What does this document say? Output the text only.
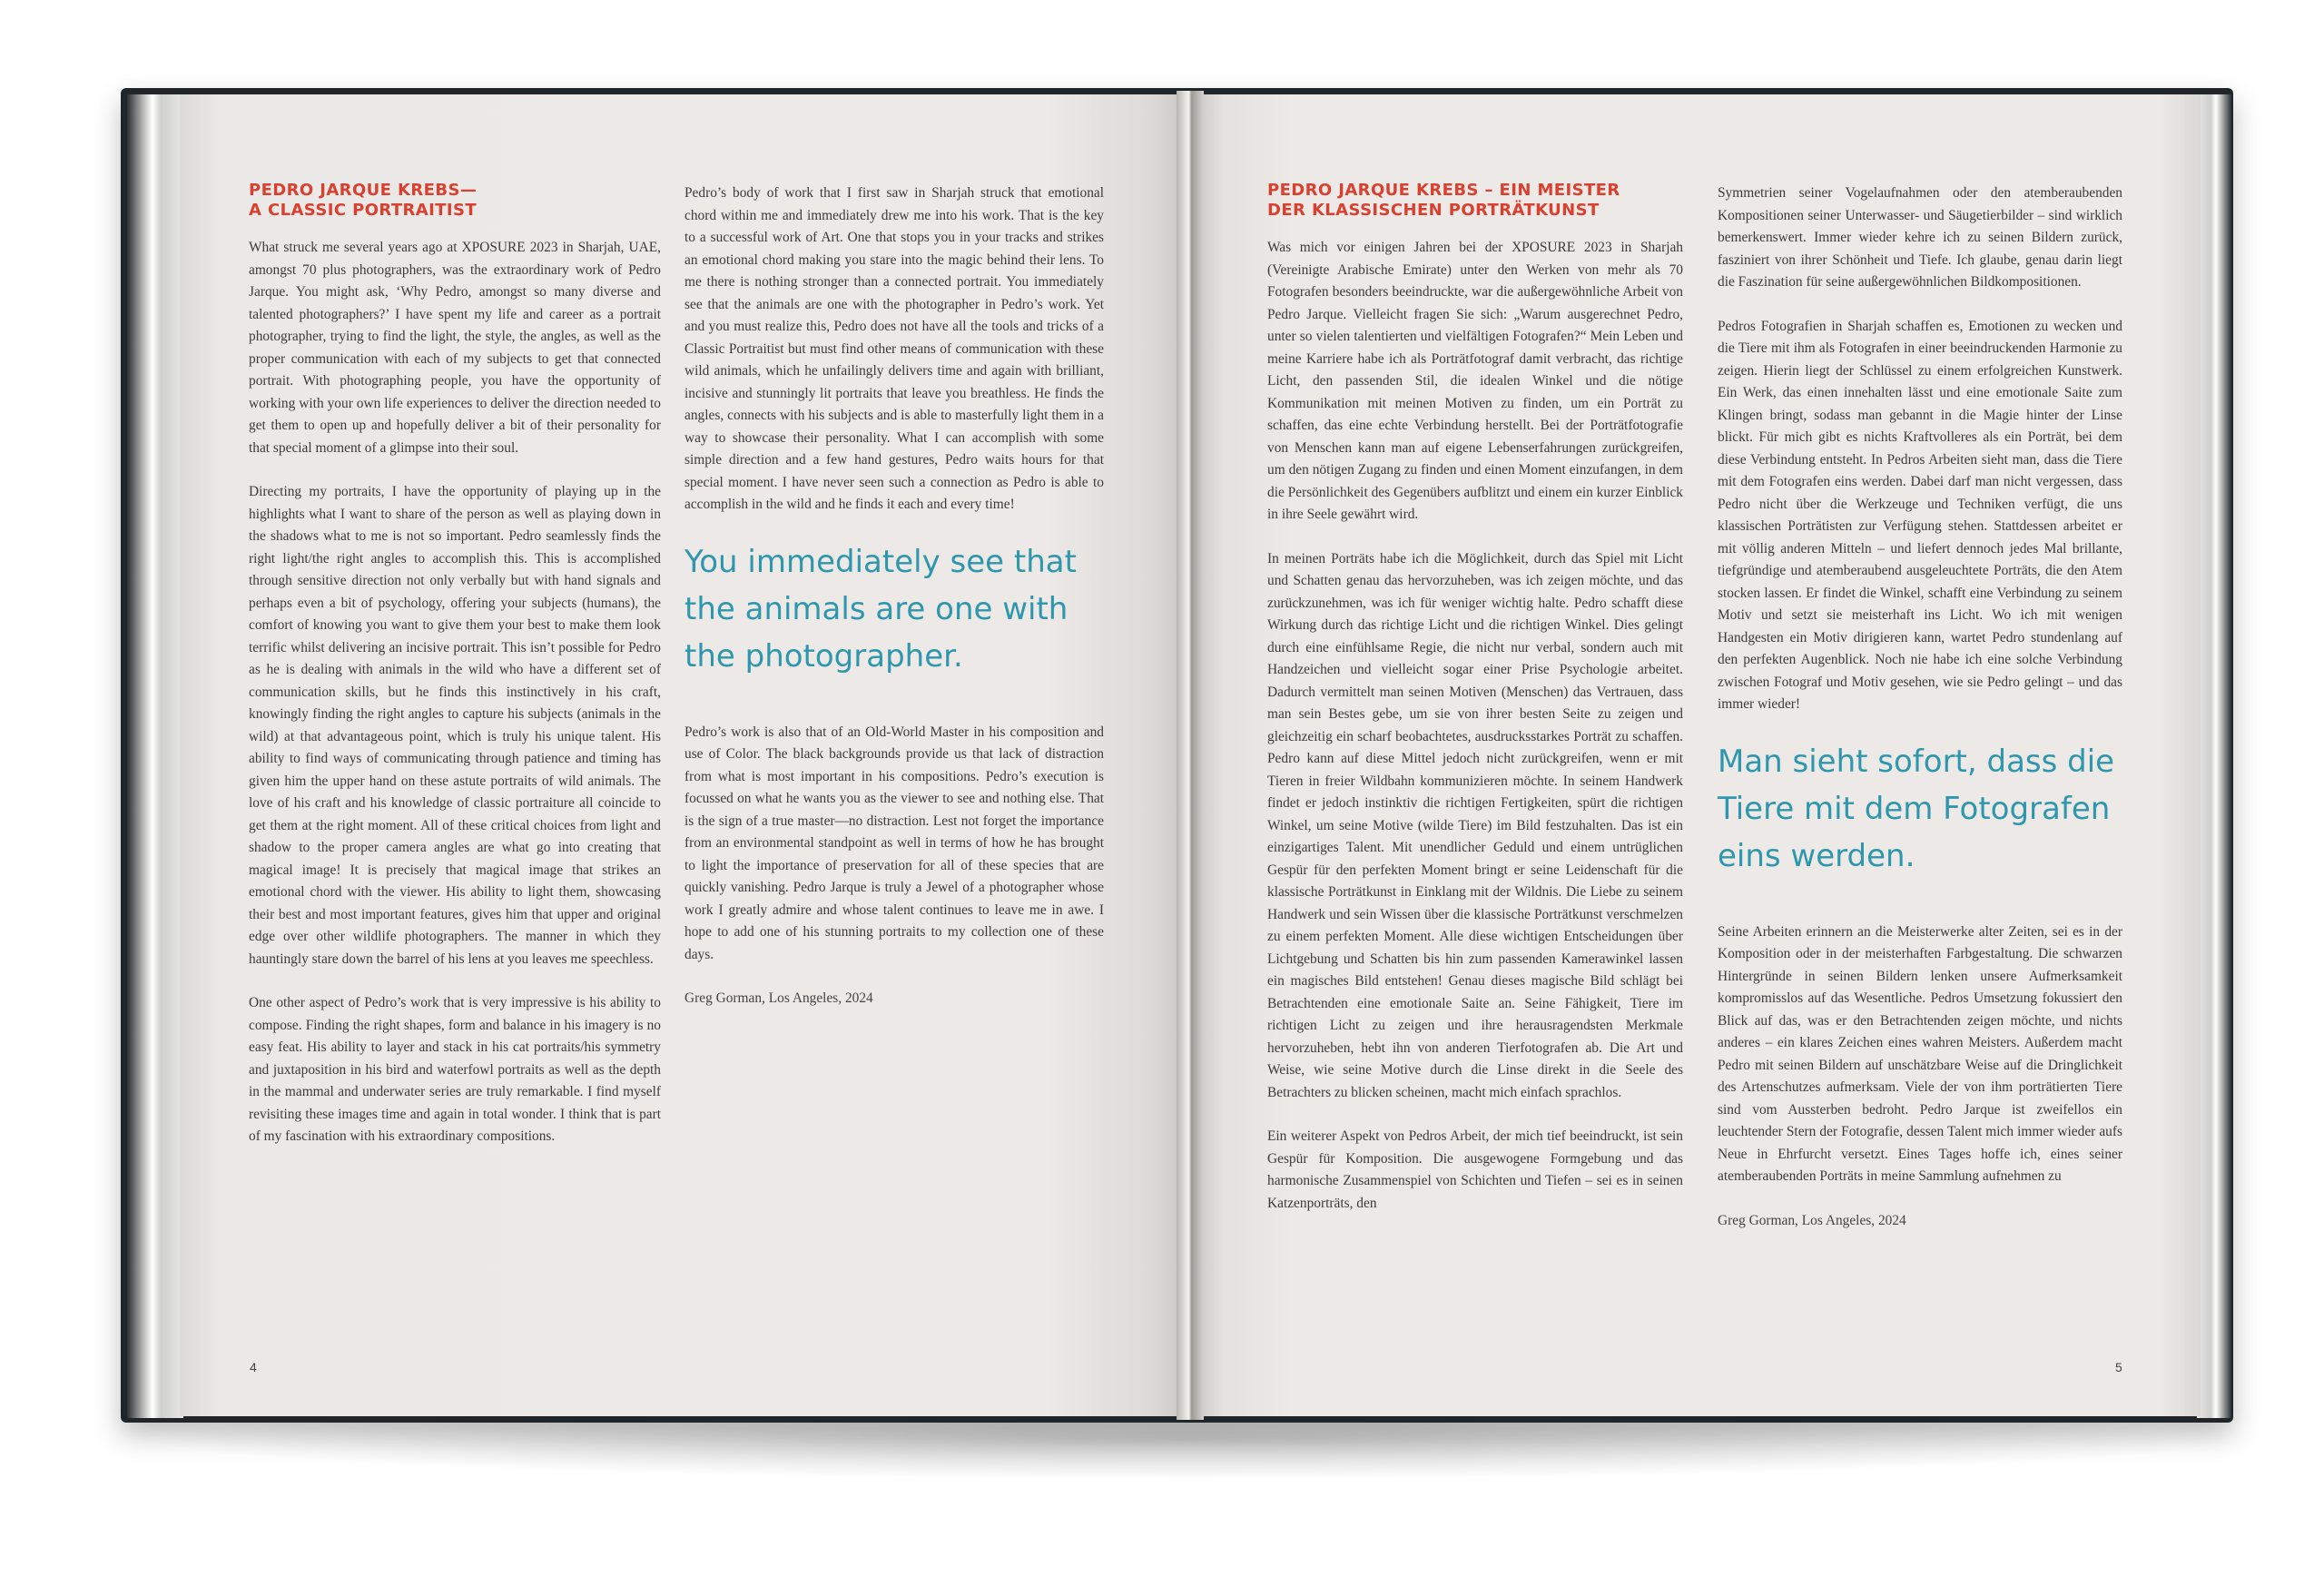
PEDRO JARQUE KREBS—
A CLASSIC PORTRAITIST

What struck me several years ago at XPOSURE 2023 in Sharjah, UAE, amongst 70 plus photographers, was the extraordinary work of Pedro Jarque. You might ask, ‘Why Pedro, amongst so many diverse and talented photographers?’ I have spent my life and career as a portrait photographer, trying to find the light, the style, the angles, as well as the proper communication with each of my subjects to get that connected portrait. With photographing people, you have the opportunity of working with your own life experiences to deliver the direction needed to get them to open up and hopefully deliver a bit of their personality for that special moment of a glimpse into their soul.

Directing my portraits, I have the opportunity of playing up in the highlights what I want to share of the person as well as playing down in the shadows what to me is not so important. Pedro seamlessly finds the right light/the right angles to accomplish this. This is accomplished through sensitive direction not only verbally but with hand signals and perhaps even a bit of psychology, offering your subjects (humans), the comfort of knowing you want to give them your best to make them look terrific whilst delivering an incisive portrait. This isn’t possible for Pedro as he is dealing with animals in the wild who have a different set of communication skills, but he finds this instinctively in his craft, knowingly finding the right angles to capture his subjects (animals in the wild) at that advantageous point, which is truly his unique talent. His ability to find ways of communicating through patience and timing has given him the upper hand on these astute portraits of wild animals. The love of his craft and his knowledge of classic portraiture all coincide to get them at the right moment. All of these critical choices from light and shadow to the proper camera angles are what go into creating that magical image! It is precisely that magical image that strikes an emotional chord with the viewer. His ability to light them, showcasing their best and most important features, gives him that upper and original edge over other wildlife photographers. The manner in which they hauntingly stare down the barrel of his lens at you leaves me speechless.

One other aspect of Pedro’s work that is very impressive is his ability to compose. Finding the right shapes, form and balance in his imagery is no easy feat. His ability to layer and stack in his cat portraits/his symmetry and juxtaposition in his bird and waterfowl portraits as well as the depth in the mammal and underwater series are truly remarkable. I find myself revisiting these images time and again in total wonder. I think that is part of my fascination with his extraordinary compositions.

Pedro’s body of work that I first saw in Sharjah struck that emotional chord within me and immediately drew me into his work. That is the key to a successful work of Art. One that stops you in your tracks and strikes an emotional chord making you stare into the magic behind their lens. To me there is nothing stronger than a connected portrait. You immediately see that the animals are one with the photographer in Pedro’s work. Yet and you must realize this, Pedro does not have all the tools and tricks of a Classic Portraitist but must find other means of communication with these wild animals, which he unfailingly delivers time and again with brilliant, incisive and stunningly lit portraits that leave you breathless. He finds the angles, connects with his subjects and is able to masterfully light them in a way to showcase their personality. What I can accomplish with some simple direction and a few hand gestures, Pedro waits hours for that special moment. I have never seen such a connection as Pedro is able to accomplish in the wild and he finds it each and every time!

You immediately see that the animals are one with the photographer.

Pedro’s work is also that of an Old-World Master in his composition and use of Color. The black backgrounds provide us that lack of distraction from what is most important in his compositions. Pedro’s execution is focussed on what he wants you as the viewer to see and nothing else. That is the sign of a true master—no distraction. Lest not forget the importance from an environmental standpoint as well in terms of how he has brought to light the importance of preservation for all of these species that are quickly vanishing. Pedro Jarque is truly a Jewel of a photographer whose work I greatly admire and whose talent continues to leave me in awe. I hope to add one of his stunning portraits to my collection one of these days.

Greg Gorman, Los Angeles, 2024

4
PEDRO JARQUE KREBS – EIN MEISTER
DER KLASSISCHEN PORTRÄTKUNST

Was mich vor einigen Jahren bei der XPOSURE 2023 in Sharjah (Vereinigte Arabische Emirate) unter den Werken von mehr als 70 Fotografen besonders beeindruckte, war die außergewöhnliche Arbeit von Pedro Jarque. Vielleicht fragen Sie sich: „Warum ausgerechnet Pedro, unter so vielen talentierten und vielfältigen Fotografen?“ Mein Leben und meine Karriere habe ich als Porträtfotograf damit verbracht, das richtige Licht, den passenden Stil, die idealen Winkel und die nötige Kommunikation mit meinen Motiven zu finden, um ein Porträt zu schaffen, das eine echte Verbindung herstellt. Bei der Porträtfotografie von Menschen kann man auf eigene Lebenserfahrungen zurückgreifen, um den nötigen Zugang zu finden und einen Moment einzufangen, in dem die Persönlichkeit des Gegenübers aufblitzt und einem ein kurzer Einblick in ihre Seele gewährt wird.

In meinen Porträts habe ich die Möglichkeit, durch das Spiel mit Licht und Schatten genau das hervorzuheben, was ich zeigen möchte, und das zurückzunehmen, was ich für weniger wichtig halte. Pedro schafft diese Wirkung durch das richtige Licht und die richtigen Winkel. Dies gelingt durch eine einfühlsame Regie, die nicht nur verbal, sondern auch mit Handzeichen und vielleicht sogar einer Prise Psychologie arbeitet. Dadurch vermittelt man seinen Motiven (Menschen) das Vertrauen, dass man sein Bestes gebe, um sie von ihrer besten Seite zu zeigen und gleichzeitig ein scharf beobachtetes, ausdrucksstarkes Porträt zu schaffen. Pedro kann auf diese Mittel jedoch nicht zurückgreifen, wenn er mit Tieren in freier Wildbahn kommunizieren möchte. In seinem Handwerk findet er jedoch instinktiv die richtigen Fertigkeiten, spürt die richtigen Winkel, um seine Motive (wilde Tiere) im Bild festzuhalten. Das ist ein einzigartiges Talent. Mit unendlicher Geduld und einem untrüglichen Gespür für den perfekten Moment bringt er seine Leidenschaft für die klassische Porträtkunst in Einklang mit der Wildnis. Die Liebe zu seinem Handwerk und sein Wissen über die klassische Porträtkunst verschmelzen zu einem perfekten Moment. Alle diese wichtigen Entscheidungen über Lichtgebung und Schatten bis hin zum passenden Kamerawinkel lassen ein magisches Bild entstehen! Genau dieses magische Bild schlägt bei Betrachtenden eine emotionale Saite an. Seine Fähigkeit, Tiere im richtigen Licht zu zeigen und ihre herausragendsten Merkmale hervorzuheben, hebt ihn von anderen Tierfotografen ab. Die Art und Weise, wie seine Motive durch die Linse direkt in die Seele des Betrachters zu blicken scheinen, macht mich einfach sprachlos.

Ein weiterer Aspekt von Pedros Arbeit, der mich tief beeindruckt, ist sein Gespür für Komposition. Die ausgewogene Formgebung und das harmonische Zusammenspiel von Schichten und Tiefen – sei es in seinen Katzenporträts, den

Symmetrien seiner Vogelaufnahmen oder den atemberaubenden Kompositionen seiner Unterwasser- und Säugetierbilder – sind wirklich bemerkenswert. Immer wieder kehre ich zu seinen Bildern zurück, fasziniert von ihrer Schönheit und Tiefe. Ich glaube, genau darin liegt die Faszination für seine außergewöhnlichen Bildkompositionen.

Pedros Fotografien in Sharjah schaffen es, Emotionen zu wecken und die Tiere mit ihm als Fotografen in einer beeindruckenden Harmonie zu zeigen. Hierin liegt der Schlüssel zu einem erfolgreichen Kunstwerk. Ein Werk, das einen innehalten lässt und eine emotionale Saite zum Klingen bringt, sodass man gebannt in die Magie hinter der Linse blickt. Für mich gibt es nichts Kraftvolleres als ein Porträt, bei dem diese Verbindung entsteht. In Pedros Arbeiten sieht man, dass die Tiere mit dem Fotografen eins werden. Dabei darf man nicht vergessen, dass Pedro nicht über die Werkzeuge und Techniken verfügt, die uns klassischen Porträtisten zur Verfügung stehen. Stattdessen arbeitet er mit völlig anderen Mitteln – und liefert dennoch jedes Mal brillante, tiefgründige und atemberaubend ausgeleuchtete Porträts, die den Atem stocken lassen. Er findet die Winkel, schafft eine Verbindung zu seinem Motiv und setzt sie meisterhaft ins Licht. Wo ich mit wenigen Handgesten ein Motiv dirigieren kann, wartet Pedro stundenlang auf den perfekten Augenblick. Noch nie habe ich eine solche Verbindung zwischen Fotograf und Motiv gesehen, wie sie Pedro gelingt – und das immer wieder!

Man sieht sofort, dass die Tiere mit dem Fotografen eins werden.

Seine Arbeiten erinnern an die Meisterwerke alter Zeiten, sei es in der Komposition oder in der meisterhaften Farbgestaltung. Die schwarzen Hintergründe in seinen Bildern lenken unsere Aufmerksamkeit kompromisslos auf das Wesentliche. Pedros Umsetzung fokussiert den Blick auf das, was er den Betrachtenden zeigen möchte, und nichts anderes – ein klares Zeichen eines wahren Meisters. Außerdem macht Pedro mit seinen Bildern auf unschätzbare Weise auf die Dringlichkeit des Artenschutzes aufmerksam. Viele der von ihm porträtierten Tiere sind vom Aussterben bedroht. Pedro Jarque ist zweifellos ein leuchtender Stern der Fotografie, dessen Talent mich immer wieder aufs Neue in Ehrfurcht versetzt. Eines Tages hoffe ich, eines seiner atemberaubenden Porträts in meine Sammlung aufnehmen zu

Greg Gorman, Los Angeles, 2024

5
